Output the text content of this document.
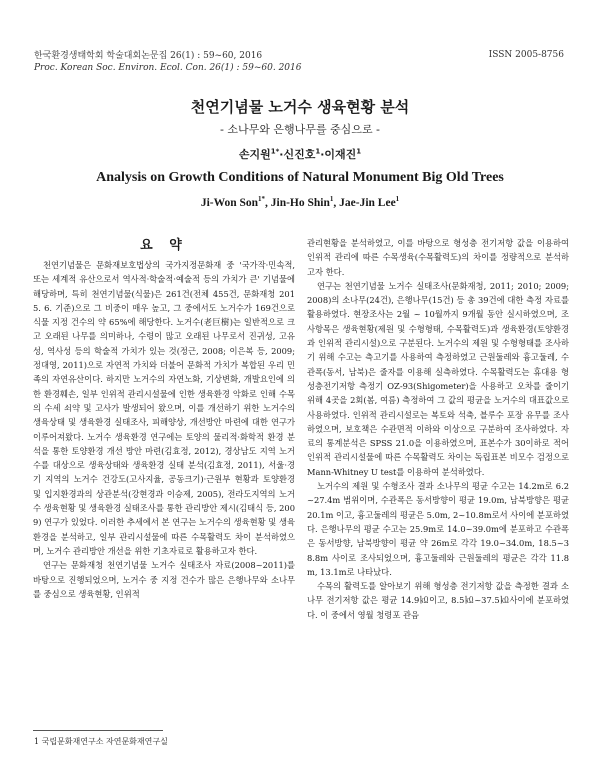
한국환경생태학회 학술대회논문집 26(1) : 59~60, 2016
Proc. Korean Soc. Environ. Ecol. Con. 26(1) : 59~60. 2016
ISSN 2005-8756
천연기념물 노거수 생육현황 분석
- 소나무와 은행나무를 중심으로 -
손지원$^{1*}$·신진호$^1$·이재진$^1$
Analysis on Growth Conditions of Natural Monument Big Old Trees
Ji-Won Son$^{1*}$, Jin-Ho Shin$^1$, Jae-Jin Lee$^1$
요 약

천연기념물은 문화재보호법상의 국가지정문화재 중 '국가작·민속적, 또는 세계적 유산으로서 역사적·학술적·예술적 등의 가치가 큰' 기념물에 해당하며, 특히 천연기념물(식물)은 261건(전체 455건, 문화재청 2015. 6. 기준)으로 그 비중이 매우 높고, 그 중에서도 노거수가 169건으로 식물 지정 건수의 약 65%에 해당한다. 노거수(老巨樹)는 일반적으로 크고 오래된 나무를 의미하나, 수령이 많고 오래된 나무로서 진귀성, 고유성, 역사성 등의 학술적 가치가 있는 것(정근, 2008; 이은복 등, 2009; 정대영, 2011)으로 자연적 가치와 더불어 문화적 가치가 복합된 우리 민족의 자연유산이다. 하지만 노거수의 자연노화, 기상변화, 개발요인에 의한 환경훼손, 일부 인위적 관리시설물에 인한 생육환경 악화로 인해 수목의 수세 쇠약 및 고사가 발생되어 왔으며, 이를 개선하기 위한 노거수의 생육상태 및 생육환경 실태조사, 피해양상, 개선방안 마련에 대한 연구가 이루어져왔다. 노거수 생육환경 연구에는 토양의 물리적·화학적 환경 분석을 통한 토양환경 개선 방안 마련(김효정, 2012), 경상남도 지역 노거수를 대상으로 생육상태와 생육환경 실태 분석(김효정, 2011), 서울·경기 지역의 노거수 건강도(고사지율, 공동크기)·근원부 현황과 토양환경 및 입지환경과의 상관분석(강현경과 이승제, 2005), 전라도지역의 노거수 생육현황 및 생육환경 실태조사를 통한 관리방안 제시(김태식 등, 2009) 연구가 있었다. 이러한 추세에서 본 연구는 노거수의 생육현황 및 생육환경을 분석하고, 일부 관리시설물에 따른 수목활력도 차이 분석하였으며, 노거수 관리방안 개선을 위한 기초자료로 활용하고자 한다.

연구는 문화재청 천연기념물 노거수 실태조사 자료(2008~2011)를 바탕으로 진행되었으며, 노거수 중 지정 건수가 많은 은행나무와 소나무를 중심으로 생육현황, 인위적

관리현황을 분석하였고, 이를 바탕으로 형성층 전기저항 값을 이용하여 인위적 관리에 따른 수목생육(수목활력도)의 차이를 정량적으로 분석하고자 한다.

연구는 천연기념물 노거수 실태조사(문화재청, 2011; 2010; 2009; 2008)의 소나무(24건), 은행나무(15건) 등 총 39건에 대한 측정 자료를 활용하였다. 현장조사는 2월 ~ 10월까지 9개월 동안 실시하였으며, 조사항목은 생육현황(제원 및 수형형태, 수목활력도)과 생육환경(토양환경과 인위적 관리시설)으로 구분된다. 노거수의 제원 및 수형형태를 조사하기 위해 수고는 측고기를 사용하여 측정하였고 근원둘레와 흉고둘레, 수관폭(동서, 남북)은 줄자를 이용해 실측하였다. 수목활력도는 휴대용 형성층전기저항 측정기 OZ-93(Shigometer)을 사용하고 오차를 줄이기 위해 4곳을 2회(봄, 여름) 측정하여 그 값의 평균을 노거수의 대표값으로 사용하였다. 인위적 관리시설로는 복토와 석축, 블루수 포장 유무를 조사하였으며, 보호책은 수관면적 이하와 이상으로 구분하여 조사하였다. 자료의 통계분석은 SPSS 21.0을 이용하였으며, 표본수가 30이하로 적어 인위적 관리시설물에 따른 수목활력도 차이는 독립표본 비모수 검정으로 Mann-Whitney U test를 이용하여 분석하였다.

노거수의 제원 및 수형조사 결과 소나무의 평균 수고는 14.2m로 6.2~27.4m 범위이며, 수관폭은 동서방향이 평균 19.0m, 남북방향은 평균 20.1m 이고, 흉고둘레의 평균은 5.0m, 2~10.8m로서 사이에 분포하였다. 은행나무의 평균 수고는 25.9m로 14.0~39.0m에 분포하고 수관폭은 동서방향, 남북방향이 평균 약 26m로 각각 19.0~34.0m, 18.5~38.8m 사이로 조사되었으며, 흉고둘레와 근원둘레의 평균은 각각 11.8m, 13.1m로 나타났다.

수목의 활력도를 알아보기 위해 형성층 전기저항 값을 측정한 결과 소나무 전기저항 값은 평균 14.9㏀이고, 8.5㏀~37.5㏀사이에 분포하였다. 이 중에서 영월 청령포 관음

1 국립문화재연구소 자연문화재연구실
